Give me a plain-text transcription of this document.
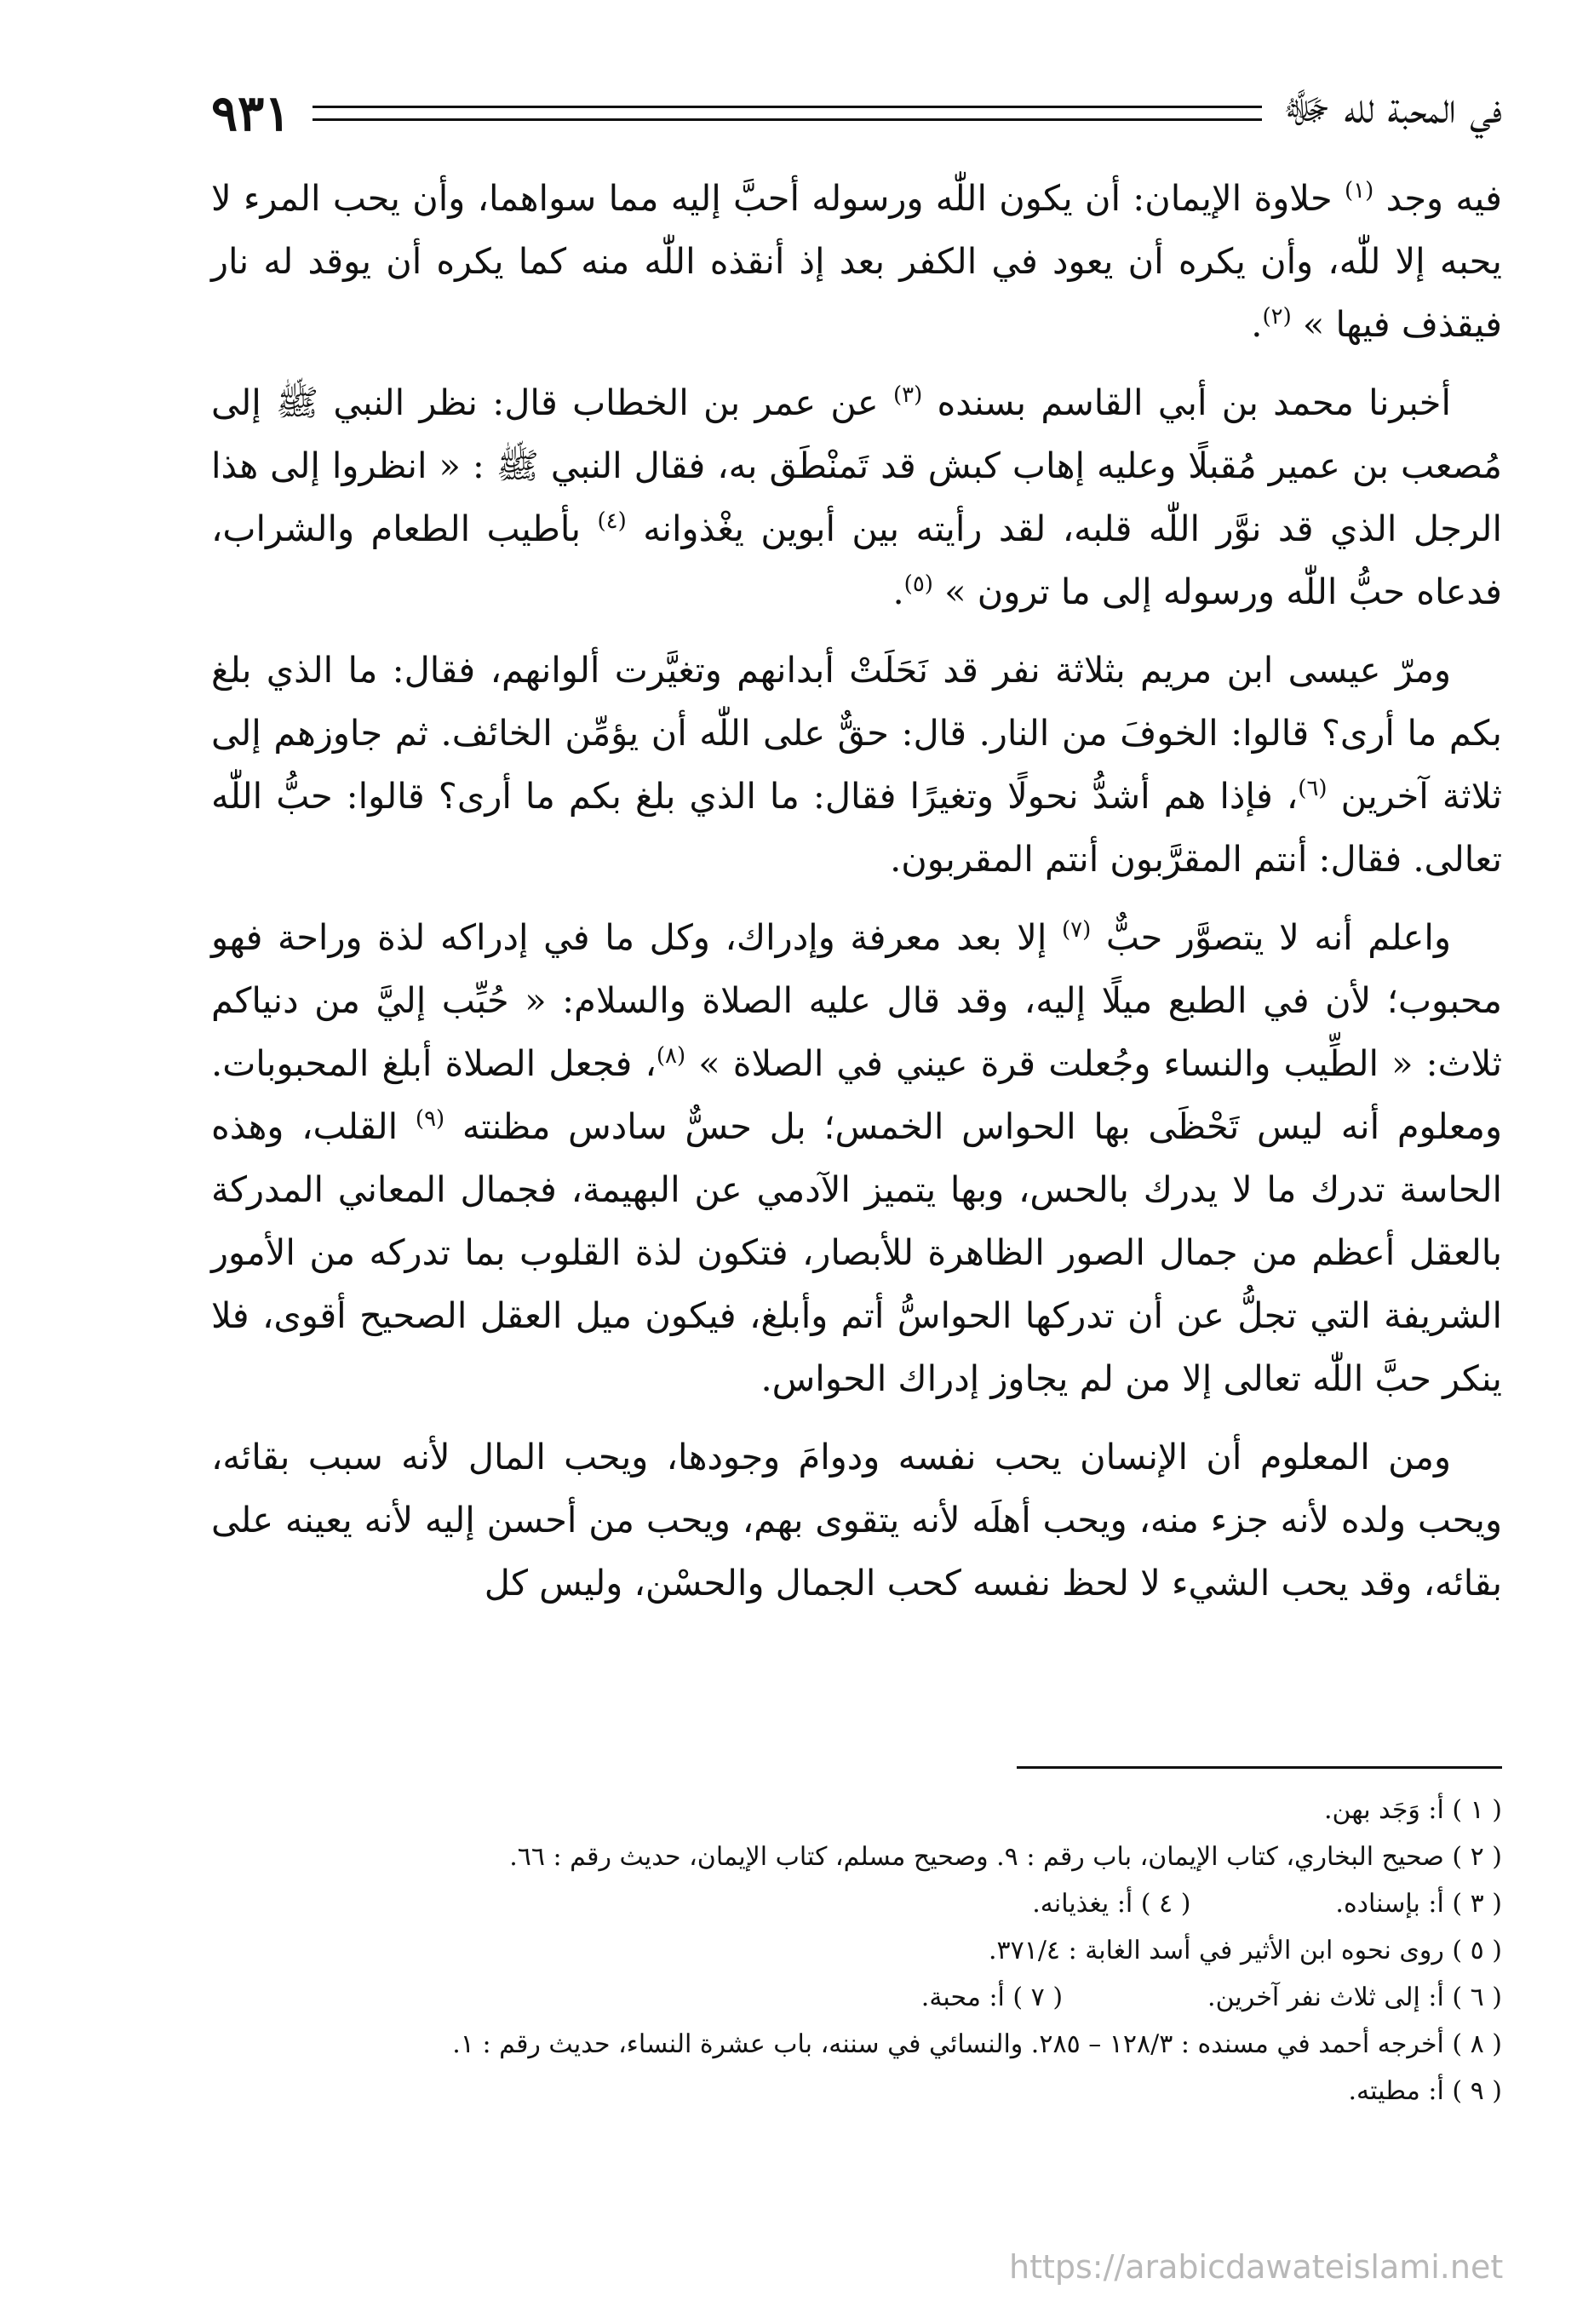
في المحبة لله ﷻ
٩٣١

فيه وجد $^{(١)}$ حلاوة الإيمان: أن يكون اللّٰه ورسوله أحبَّ إليه مما سواهما، وأن يحب المرء لا يحبه إلا للّٰه، وأن يكره أن يعود في الكفر بعد إذ أنقذه اللّٰه منه كما يكره أن يوقد له نار فيقذف فيها » $^{(٢)}$.

أخبرنا محمد بن أبي القاسم بسنده $^{(٣)}$ عن عمر بن الخطاب قال: نظر النبي ﷺ إلى مُصعب بن عمير مُقبلًا وعليه إهاب كبش قد تَمنْطَق به، فقال النبي ﷺ : « انظروا إلى هذا الرجل الذي قد نوَّر اللّٰه قلبه، لقد رأيته بين أبوين يغْذوانه $^{(٤)}$ بأطيب الطعام والشراب، فدعاه حبُّ اللّٰه ورسوله إلى ما ترون » $^{(٥)}$.

ومرّ عيسى ابن مريم بثلاثة نفر قد نَحَلَتْ أبدانهم وتغيَّرت ألوانهم، فقال: ما الذي بلغ بكم ما أرى؟ قالوا: الخوفَ من النار. قال: حقٌّ على اللّٰه أن يؤمِّن الخائف. ثم جاوزهم إلى ثلاثة آخرين $^{(٦)}$، فإذا هم أشدُّ نحولًا وتغيرًا فقال: ما الذي بلغ بكم ما أرى؟ قالوا: حبُّ اللّٰه تعالى. فقال: أنتم المقرَّبون أنتم المقربون.

واعلم أنه لا يتصوَّر حبٌّ $^{(٧)}$ إلا بعد معرفة وإدراك، وكل ما في إدراكه لذة وراحة فهو محبوب؛ لأن في الطبع ميلًا إليه، وقد قال عليه الصلاة والسلام: « حُبِّب إليَّ من دنياكم ثلاث: « الطِّيب والنساء وجُعلت قرة عيني في الصلاة » $^{(٨)}$، فجعل الصلاة أبلغ المحبوبات. ومعلوم أنه ليس تَحْظَى بها الحواس الخمس؛ بل حسٌّ سادس مظنته $^{(٩)}$ القلب، وهذه الحاسة تدرك ما لا يدرك بالحس، وبها يتميز الآدمي عن البهيمة، فجمال المعاني المدركة بالعقل أعظم من جمال الصور الظاهرة للأبصار، فتكون لذة القلوب بما تدركه من الأمور الشريفة التي تجلُّ عن أن تدركها الحواسُّ أتم وأبلغ، فيكون ميل العقل الصحيح أقوى، فلا ينكر حبَّ اللّٰه تعالى إلا من لم يجاوز إدراك الحواس.

ومن المعلوم أن الإنسان يحب نفسه ودوامَ وجودها، ويحب المال لأنه سبب بقائه، ويحب ولده لأنه جزء منه، ويحب أهلَه لأنه يتقوى بهم، ويحب من أحسن إليه لأنه يعينه على بقائه، وقد يحب الشيء لا لحظ نفسه كحب الجمال والحسْن، وليس كل

( ١ ) أ: وَجَد بهن.
( ٢ ) صحيح البخاري، كتاب الإيمان، باب رقم : ٩. وصحيح مسلم، كتاب الإيمان، حديث رقم : ٦٦.
( ٣ ) أ: بإسناده.
( ٤ ) أ: يغذيانه.
( ٥ ) روى نحوه ابن الأثير في أسد الغابة : ٣٧١/٤.
( ٦ ) أ: إلى ثلاث نفر آخرين.
( ٧ ) أ: محبة.
( ٨ ) أخرجه أحمد في مسنده : ١٢٨/٣ – ٢٨٥. والنسائي في سننه، باب عشرة النساء، حديث رقم : ١.
( ٩ ) أ: مطيته.
https://arabicdawateislami.net
